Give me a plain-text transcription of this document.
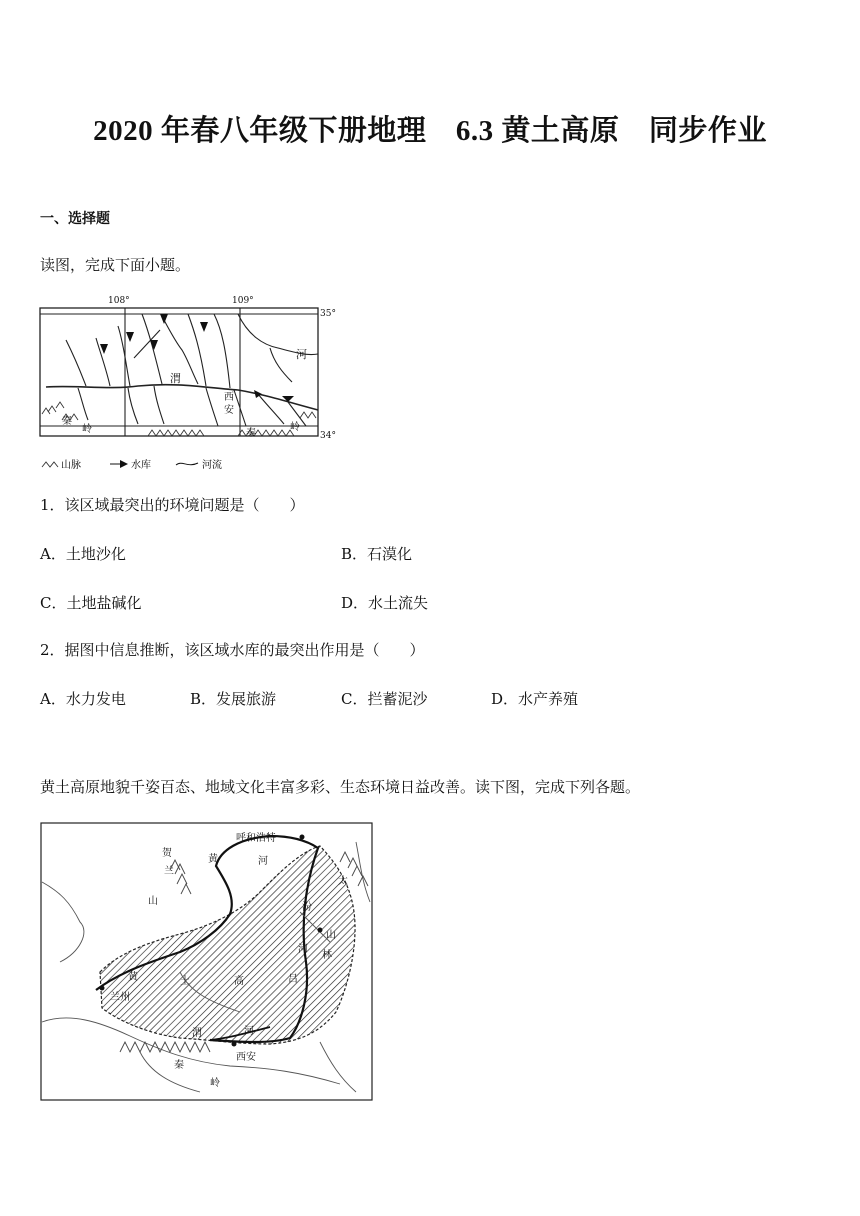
2020 年春八年级下册地理　6.3 黄土高原　同步作业
一、选择题
读图，完成下面小题。
108°	109°
35°
34°
河
渭
西
安
秦
岭	秦
岭
山脉	水库	河流
1．该区域最突出的环境问题是（　　）
A．土地沙化	B．石漠化
C．土地盐碱化	D．水土流失
2．据图中信息推断，该区域水库的最突出作用是（　　）
A．水力发电	B．发展旅游	C．拦蓄泥沙	D．水产养殖
黄土高原地貌千姿百态、地域文化丰富多彩、生态环境日益改善。读下图，完成下列各题。
呼和浩特
贺
兰
山
黄	河
太
汾
山
林
河
吕
黄
兰州
土	高
渭	河
西安
秦
岭
